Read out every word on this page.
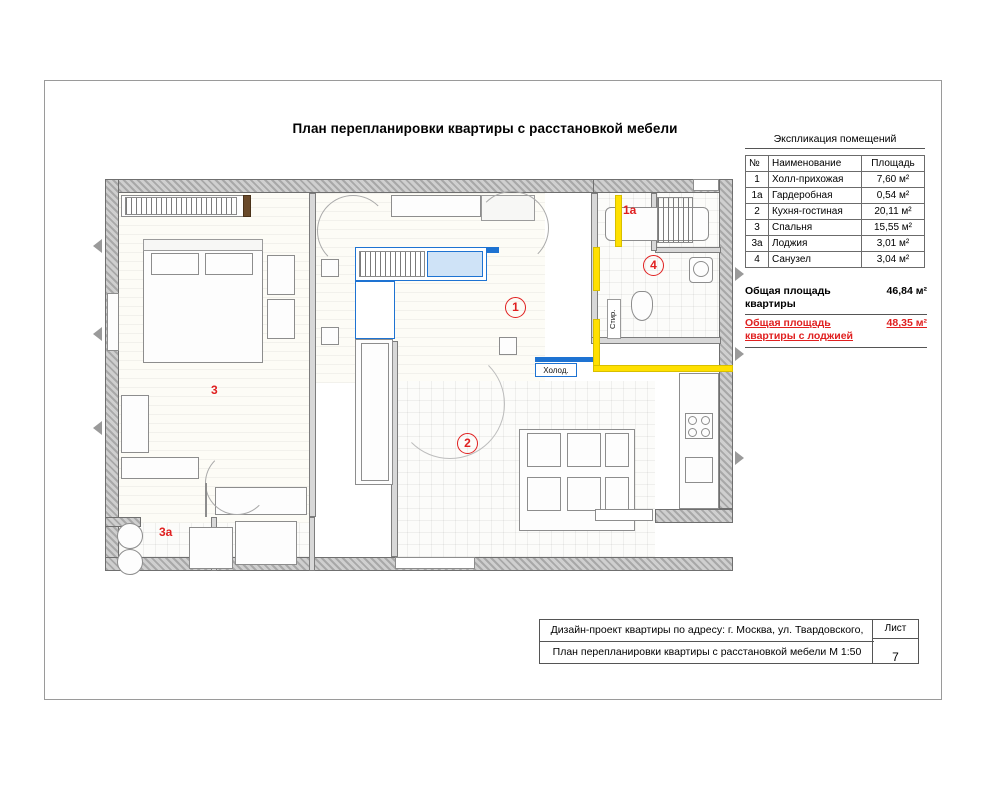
План перепланировки квартиры с расстановкой мебели
3
3а
1
2
Холод.
Стир.
4
1а
Экспликация помещений
№	Наименование	Площадь
1	Холл-прихожая	7,60 м²
1а	Гардеробная	0,54 м²
2	Кухня-гостиная	20,11 м²
3	Спальня	15,55 м²
3а	Лоджия	3,01 м²
4	Санузел	3,04 м²
Общая площадь квартиры
46,84 м²
Общая площадь квартиры с лоджией
48,35 м²
Дизайн-проект квартиры по адресу: г. Москва, ул. Твардовского,
План перепланировки квартиры с расстановкой мебели М 1:50
Лист
7
